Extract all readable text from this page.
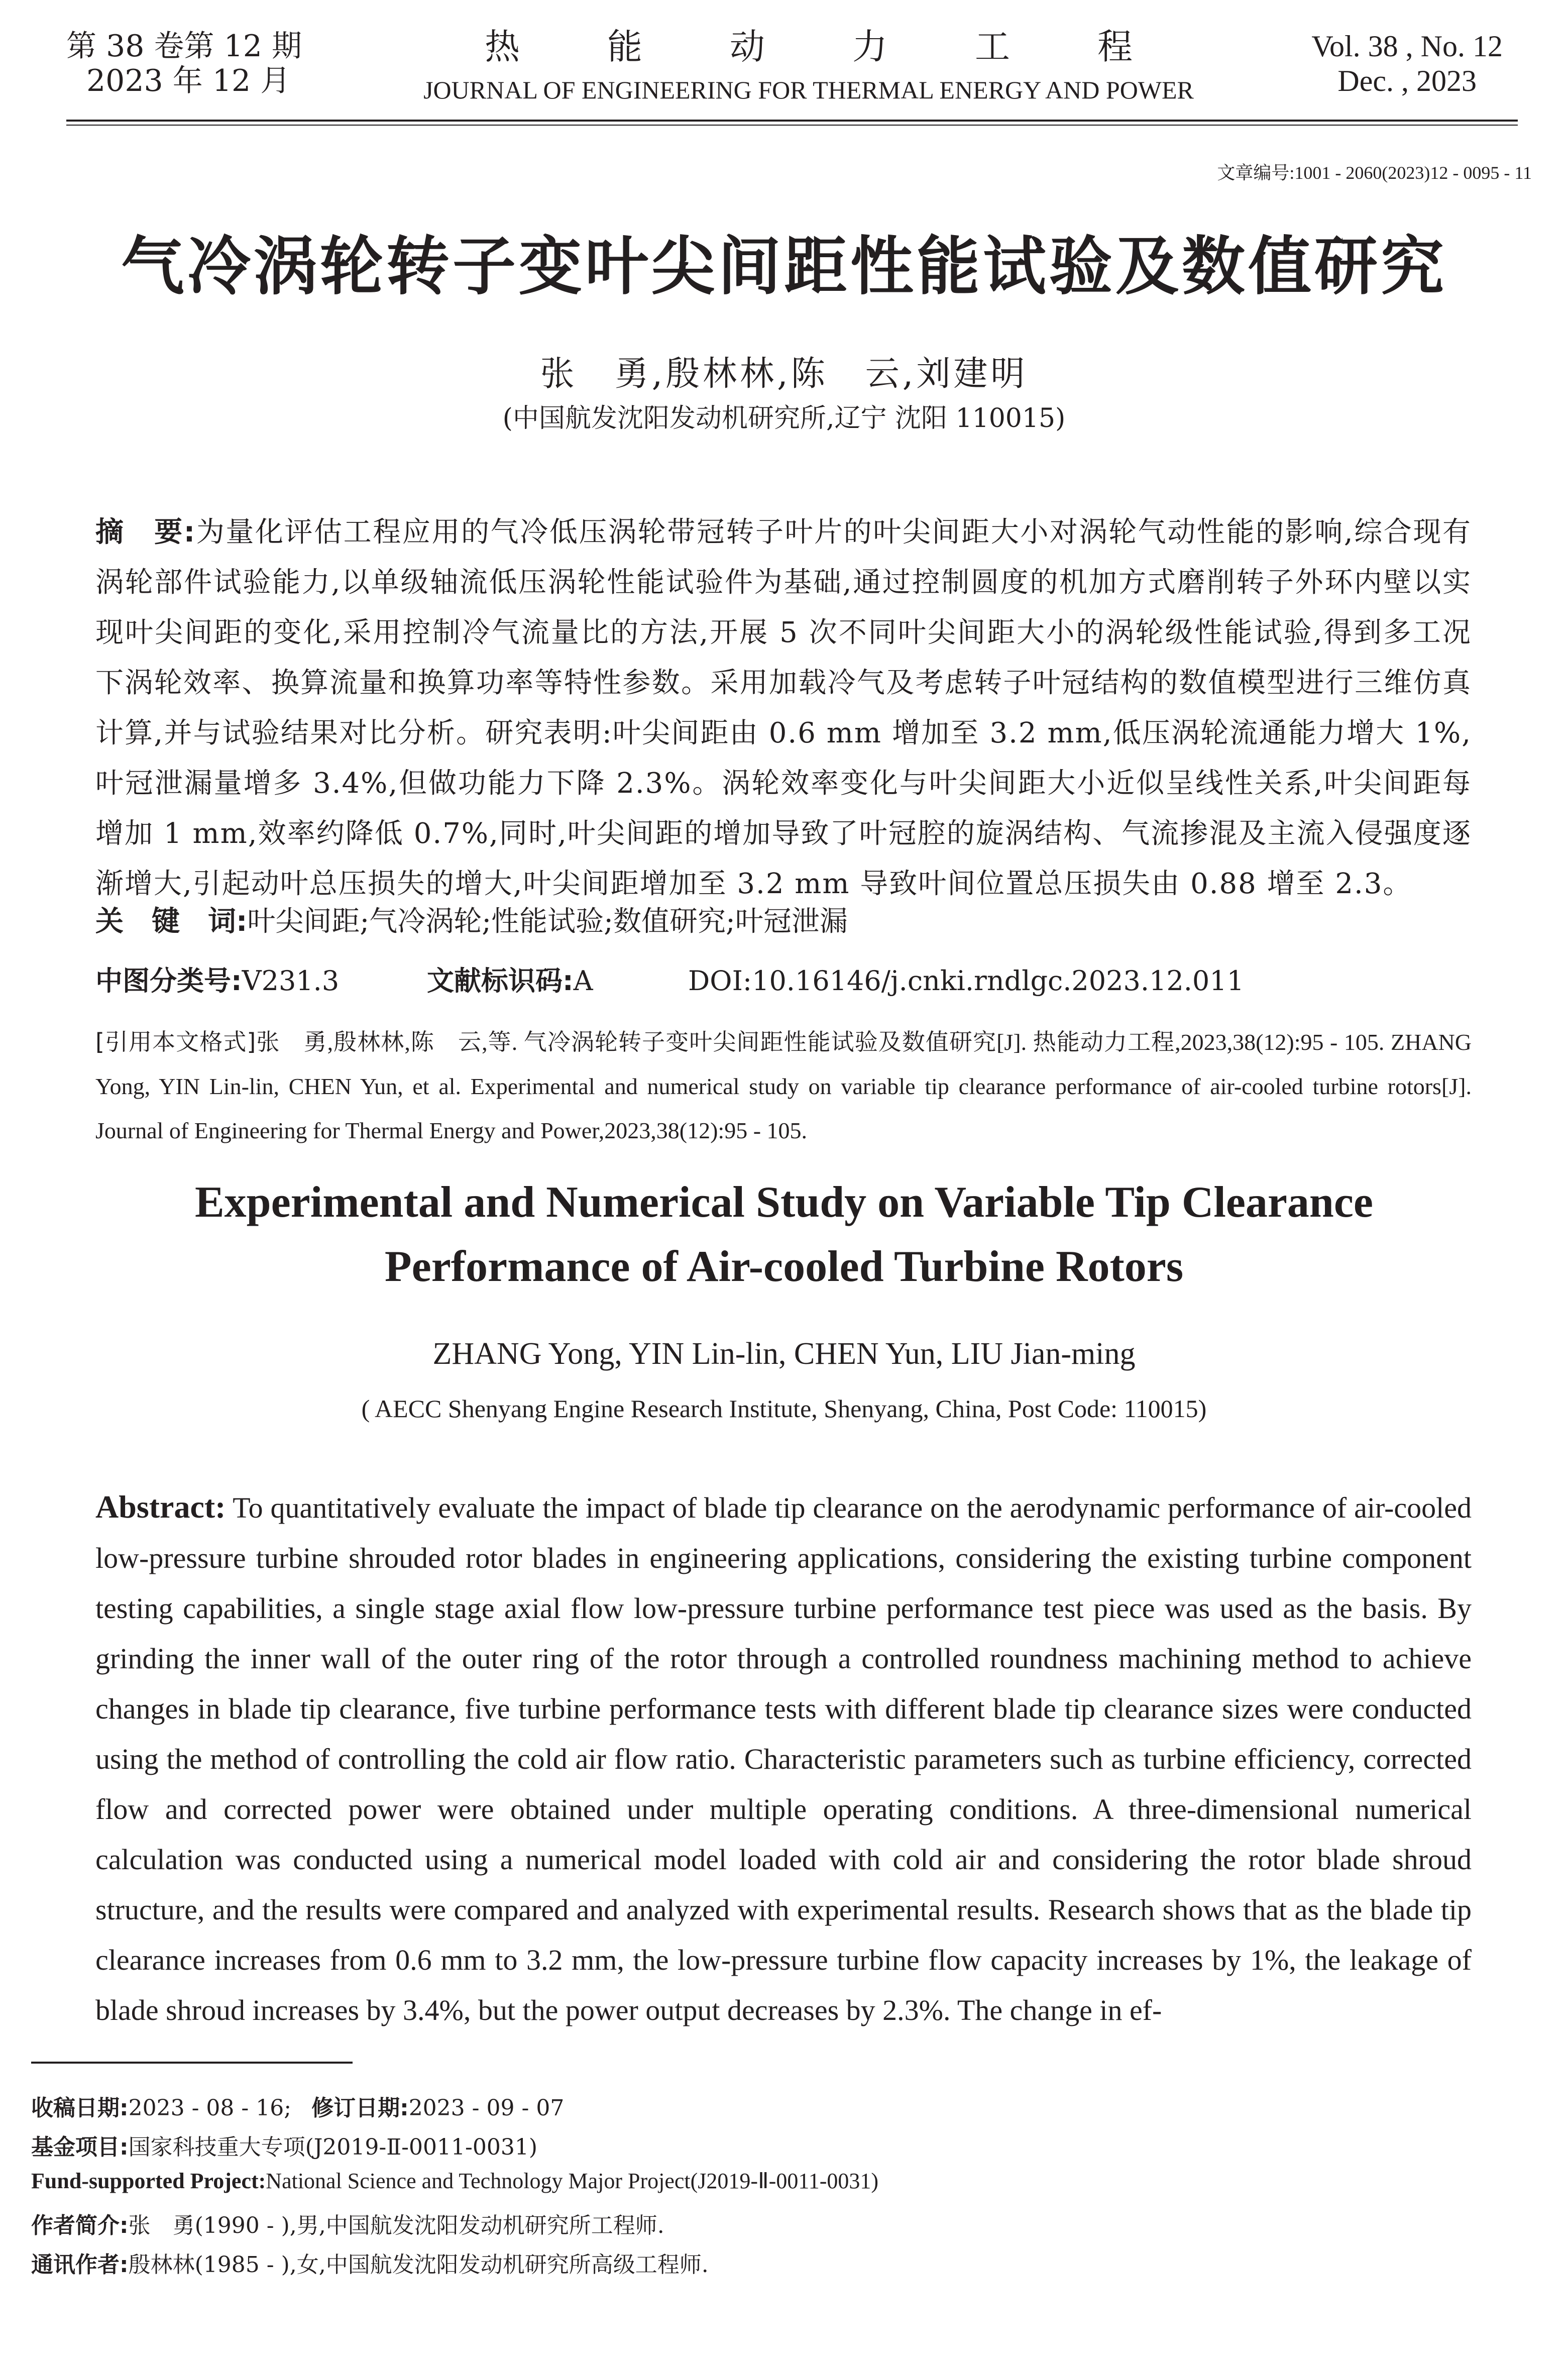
第 38 卷第 12 期
2023 年 12 月
热能动力工程
JOURNAL OF ENGINEERING FOR THERMAL ENERGY AND POWER
Vol. 38 , No. 12
Dec. , 2023
文章编号:1001 - 2060(2023)12 - 0095 - 11
气冷涡轮转子变叶尖间距性能试验及数值研究
张　勇,殷林林,陈　云,刘建明
(中国航发沈阳发动机研究所,辽宁 沈阳 110015)
摘　要:为量化评估工程应用的气冷低压涡轮带冠转子叶片的叶尖间距大小对涡轮气动性能的影响,综合现有涡轮部件试验能力,以单级轴流低压涡轮性能试验件为基础,通过控制圆度的机加方式磨削转子外环内壁以实现叶尖间距的变化,采用控制冷气流量比的方法,开展 5 次不同叶尖间距大小的涡轮级性能试验,得到多工况下涡轮效率、换算流量和换算功率等特性参数。采用加载冷气及考虑转子叶冠结构的数值模型进行三维仿真计算,并与试验结果对比分析。研究表明:叶尖间距由 0.6 mm 增加至 3.2 mm,低压涡轮流通能力增大 1%,叶冠泄漏量增多 3.4%,但做功能力下降 2.3%。涡轮效率变化与叶尖间距大小近似呈线性关系,叶尖间距每增加 1 mm,效率约降低 0.7%,同时,叶尖间距的增加导致了叶冠腔的旋涡结构、气流掺混及主流入侵强度逐渐增大,引起动叶总压损失的增大,叶尖间距增加至 3.2 mm 导致叶间位置总压损失由 0.88 增至 2.3。
关　键　词:叶尖间距;气冷涡轮;性能试验;数值研究;叶冠泄漏
中图分类号:V231.3	文献标识码:A	DOI:10.16146/j.cnki.rndlgc.2023.12.011
[引用本文格式]张　勇,殷林林,陈　云,等. 气冷涡轮转子变叶尖间距性能试验及数值研究[J]. 热能动力工程,2023,38(12):95 - 105. ZHANG Yong, YIN Lin-lin, CHEN Yun, et al. Experimental and numerical study on variable tip clearance performance of air-cooled turbine rotors[J]. Journal of Engineering for Thermal Energy and Power,2023,38(12):95 - 105.
Experimental and Numerical Study on Variable Tip Clearance
Performance of Air-cooled Turbine Rotors
ZHANG Yong, YIN Lin-lin, CHEN Yun, LIU Jian-ming
( AECC Shenyang Engine Research Institute, Shenyang, China, Post Code: 110015)
Abstract: To quantitatively evaluate the impact of blade tip clearance on the aerodynamic performance of air-cooled low-pressure turbine shrouded rotor blades in engineering applications, considering the existing turbine component testing capabilities, a single stage axial flow low-pressure turbine performance test piece was used as the basis. By grinding the inner wall of the outer ring of the rotor through a controlled roundness machining method to achieve changes in blade tip clearance, five turbine performance tests with different blade tip clearance sizes were conducted using the method of controlling the cold air flow ratio. Characteristic parameters such as turbine efficiency, corrected flow and corrected power were obtained under multiple operating conditions. A three-dimensional numerical calculation was conducted using a numerical model loaded with cold air and considering the rotor blade shroud structure, and the results were compared and analyzed with experimental results. Research shows that as the blade tip clearance increases from 0.6 mm to 3.2 mm, the low-pressure turbine flow capacity increases by 1%, the leakage of blade shroud increases by 3.4%, but the power output decreases by 2.3%. The change in ef-
收稿日期:2023 - 08 - 16; 修订日期:2023 - 09 - 07
基金项目:国家科技重大专项(J2019-Ⅱ-0011-0031)
Fund-supported Project:National Science and Technology Major Project(J2019-Ⅱ-0011-0031)
作者简介:张　勇(1990 - ),男,中国航发沈阳发动机研究所工程师.
通讯作者:殷林林(1985 - ),女,中国航发沈阳发动机研究所高级工程师.
